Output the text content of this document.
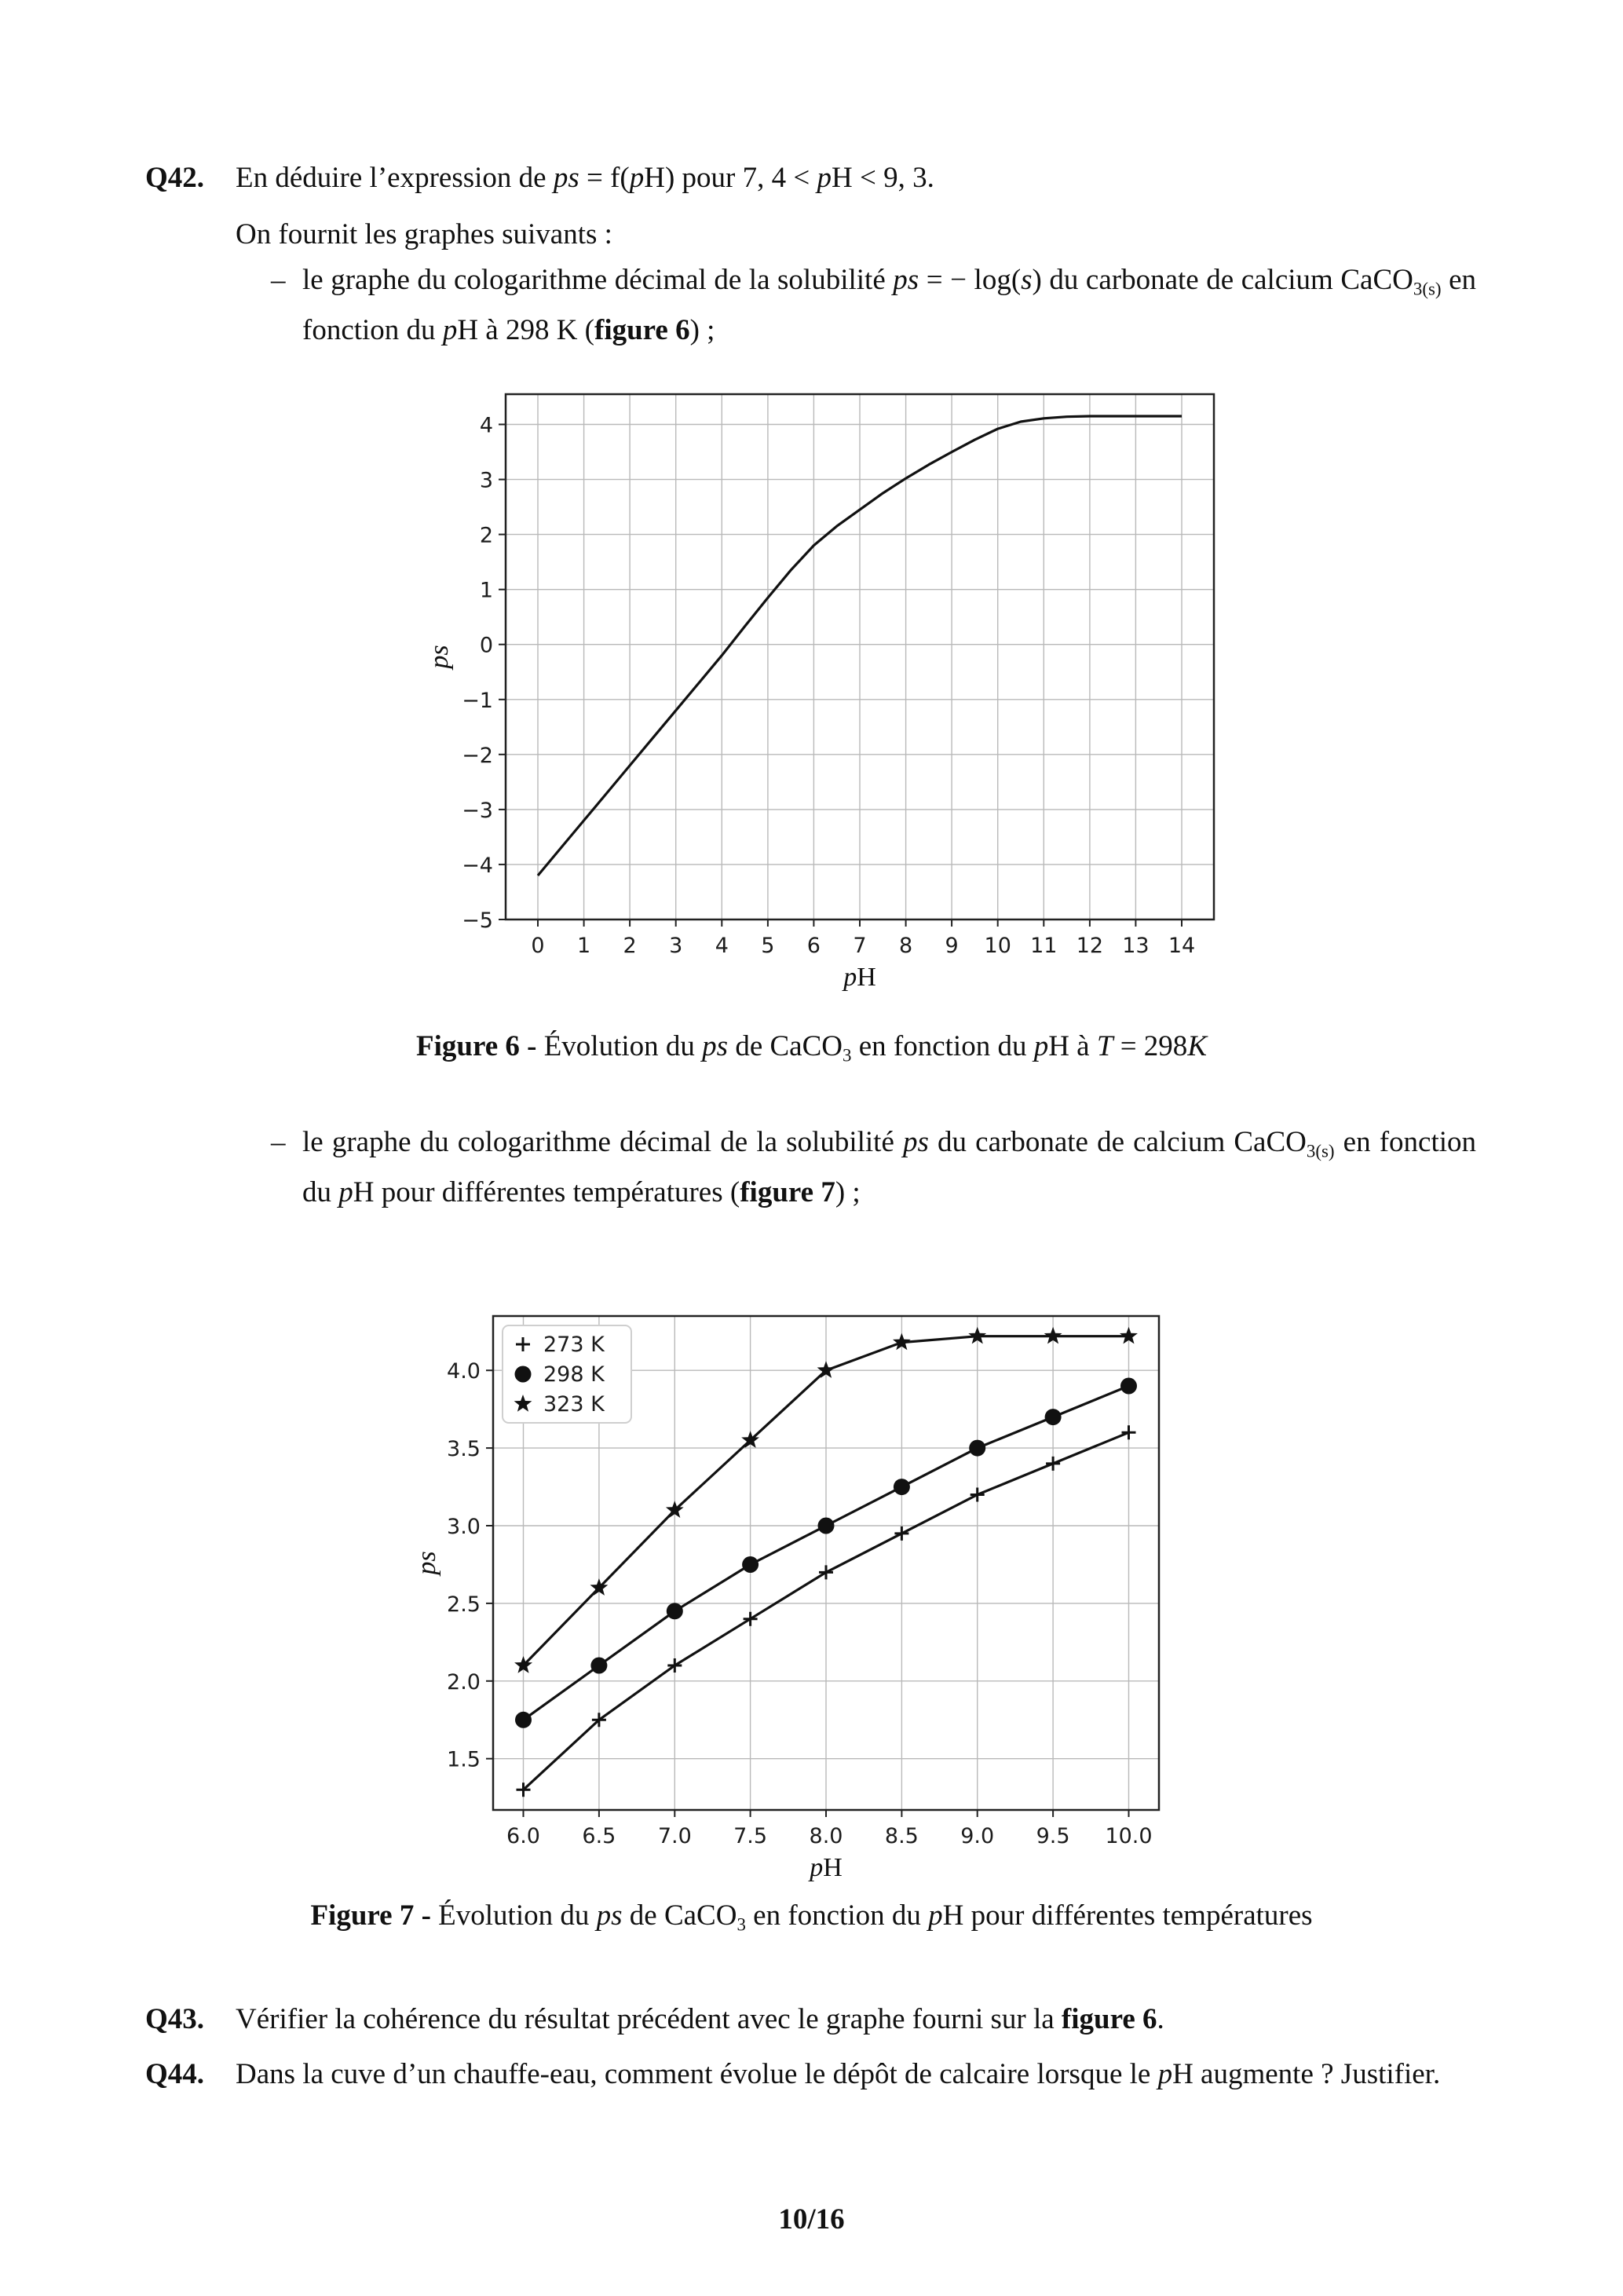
Q42. En déduire l’expression de ps = f(pH) pour 7, 4 < pH < 9, 3.
On fournit les graphes suivants :
– le graphe du cologarithme décimal de la solubilité ps = − log(s) du carbonate de calcium CaCO$_{3(s)}$ en fonction du pH à 298 K (figure 6) ;
0 1 2 3 4 5 6 7 8 9 10 11 12 13 14
−5
−4
−3
−2
−1
0
1
2
3
4
pH
ps
Figure 6 - Évolution du ps de CaCO$_3$ en fonction du pH à T = 298K
– le graphe du cologarithme décimal de la solubilité ps du carbonate de calcium CaCO$_{3(s)}$ en fonction du pH pour différentes températures (figure 7) ;
6.0 6.5 7.0 7.5 8.0 8.5 9.0 9.5 10.0
1.5
2.0
2.5
3.0
3.5
4.0
pH
ps
273 K
298 K
323 K
Figure 7 - Évolution du ps de CaCO$_3$ en fonction du pH pour différentes températures
Q43. Vérifier la cohérence du résultat précédent avec le graphe fourni sur la figure 6.
Q44. Dans la cuve d’un chauffe-eau, comment évolue le dépôt de calcaire lorsque le pH augmente ? Justifier.
10/16
